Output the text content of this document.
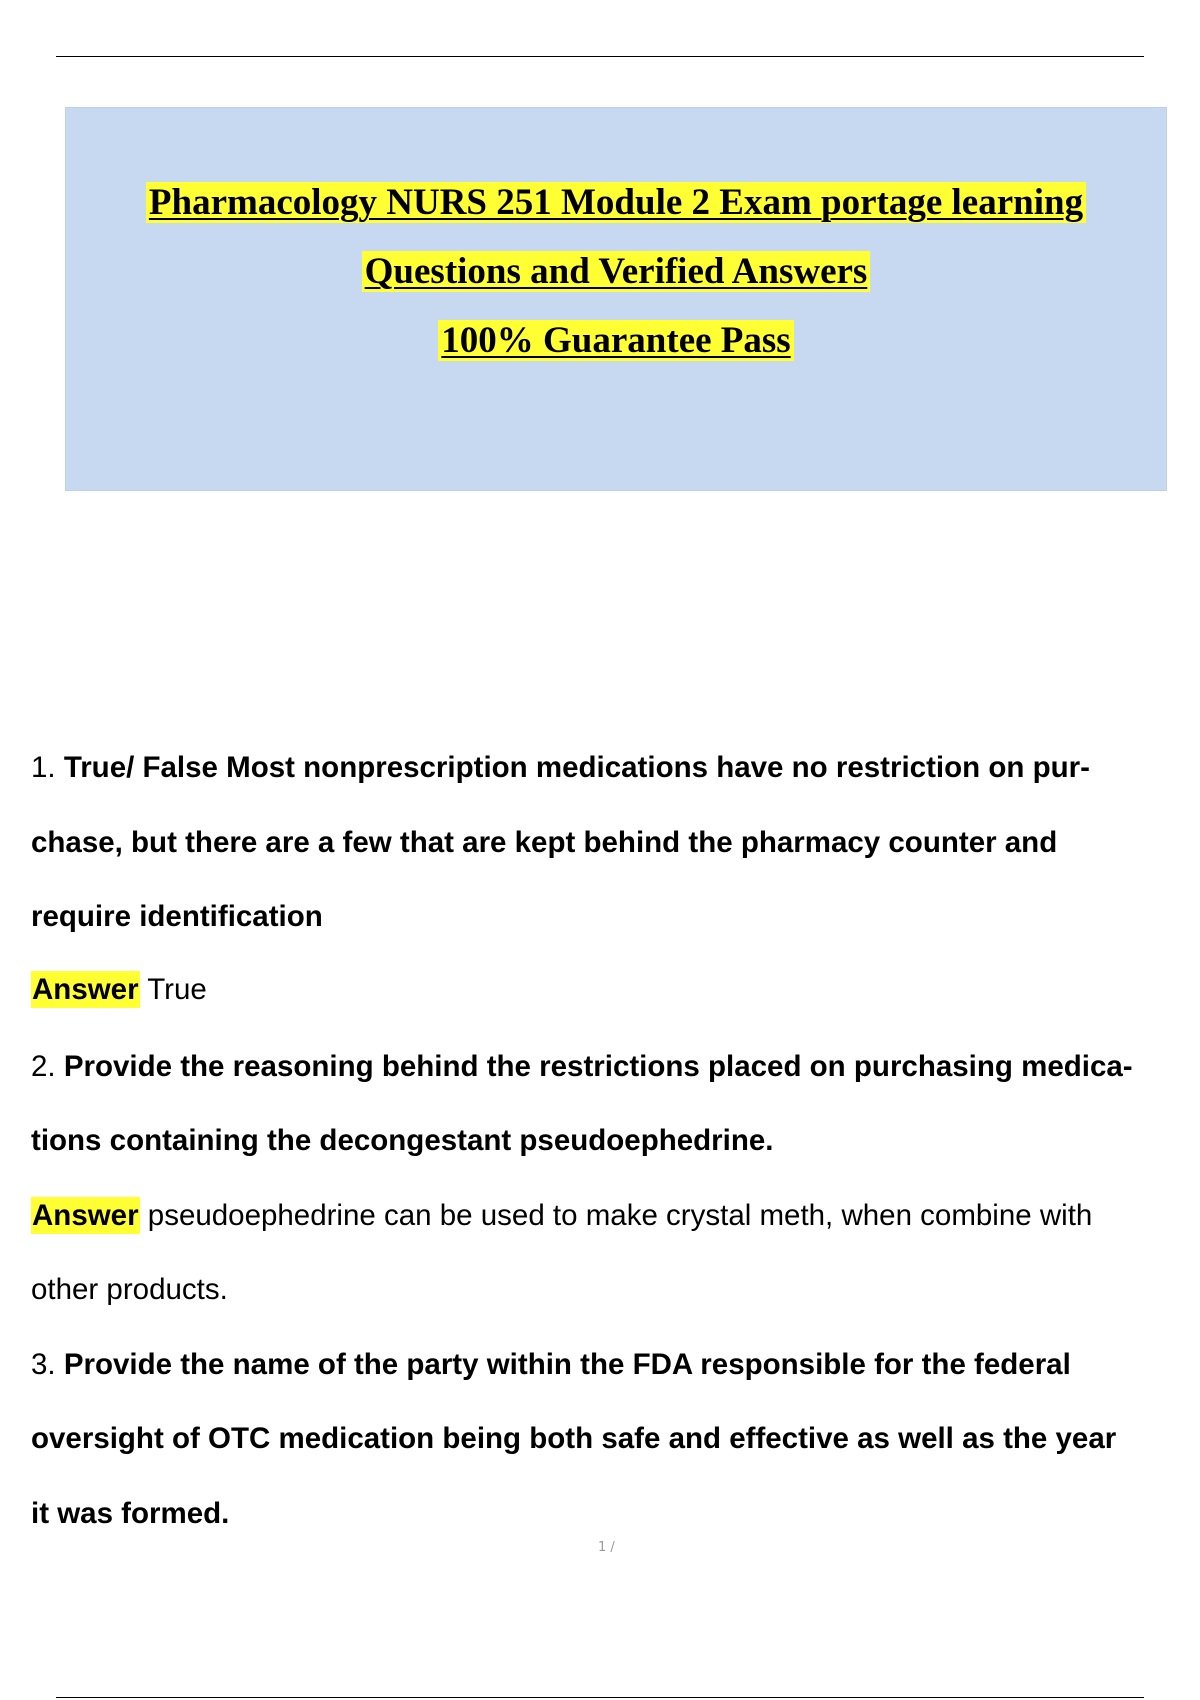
Pharmacology NURS 251 Module 2 Exam portage learning
Questions and Verified Answers
100% Guarantee Pass
1. True/ False Most nonprescription medications have no restriction on pur-
chase, but there are a few that are kept behind the pharmacy counter and
require identification
Answer True
2. Provide the reasoning behind the restrictions placed on purchasing medica-
tions containing the decongestant pseudoephedrine.
Answer pseudoephedrine can be used to make crystal meth, when combine with
other products.
3. Provide the name of the party within the FDA responsible for the federal
oversight of OTC medication being both safe and effective as well as the year
it was formed.
1 /
